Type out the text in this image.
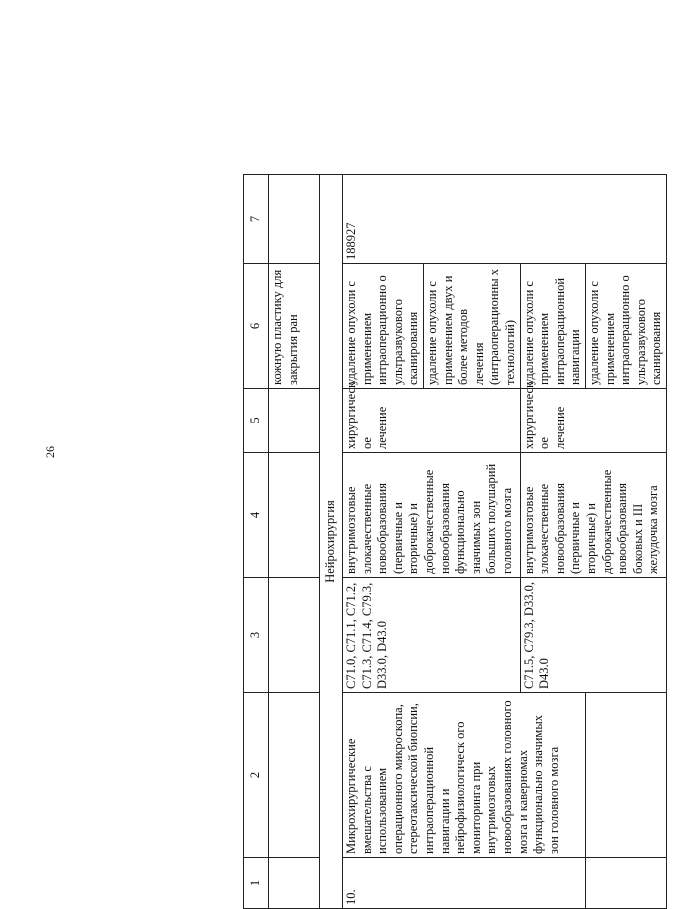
26
1	2	3	4	5	6	7
					кожную пластику для закрытия ран	
Нейрохирургия						
10.	Микрохирургические вмешательства с использованием операционного микроскопа, стереотаксической биопсии, интраоперационной навигации и нейрофизиологическ ого мониторинга при внутримозговых новообразованиях головного мозга и каверномах функционально значимых зон головного мозга	C71.0, C71.1, C71.2, C71.3, C71.4, C79.3, D33.0, D43.0	внутримозговые злокачественные новообразования (первичные и вторичные) и доброкачественные новообразования функционально значимых зон больших полушарий головного мозга	хирургическ ое лечение	удаление опухоли с применением интраоперационно о ультразвукового сканирования	188927
					удаление опухоли с применением двух и более методов лечения (интраоперационны х технологий)	
		C71.5, C79.3, D33.0, D43.0	внутримозговые злокачественные новообразования (первичные и вторичные) и доброкачественные новообразования боковых и III желудочка мозга	хирургическ ое лечение	удаление опухоли с применением интраоперационной навигации	
					удаление опухоли с применением интраоперационно о ультразвукового сканирования	
